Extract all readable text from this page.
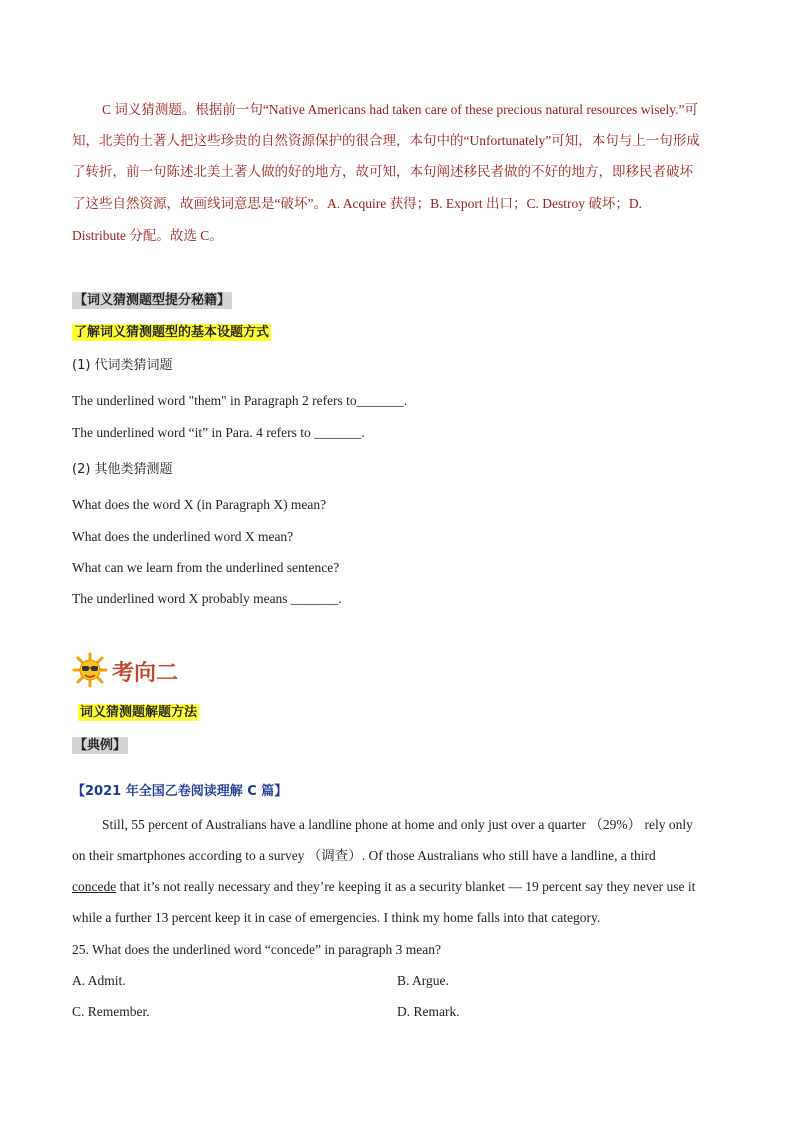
C 词义猜测题。根据前一句“Native Americans had taken care of these precious natural resources wisely.”可
知，北美的土著人把这些珍贵的自然资源保护的很合理，本句中的“Unfortunately”可知，本句与上一句形成
了转折，前一句陈述北美土著人做的好的地方，故可知，本句阐述移民者做的不好的地方，即移民者破坏
了这些自然资源，故画线词意思是“破坏”。A. Acquire 获得；B. Export 出口；C. Destroy 破坏；D.
Distribute 分配。故选 C。
【词义猜测题型提分秘籍】
了解词义猜测题型的基本设题方式
(1) 代词类猜词题
The underlined word "them" in Paragraph 2 refers to_______.
The underlined word “it” in Para. 4 refers to _______.
(2) 其他类猜测题
What does the word X (in Paragraph X) mean?
What does the underlined word X mean?
What can we learn from the underlined sentence?
The underlined word X probably means _______.
考向二
词义猜测题解题方法
【典例】
【2021 年全国乙卷阅读理解 C 篇】
Still, 55 percent of Australians have a landline phone at home and only just over a quarter （29%） rely only
on their smartphones according to a survey （调查）. Of those Australians who still have a landline, a third
concede that it’s not really necessary and they’re keeping it as a security blanket — 19 percent say they never use it
while a further 13 percent keep it in case of emergencies. I think my home falls into that category.
25. What does the underlined word “concede” in paragraph 3 mean?
A. Admit.	B. Argue.
C. Remember.	D. Remark.
